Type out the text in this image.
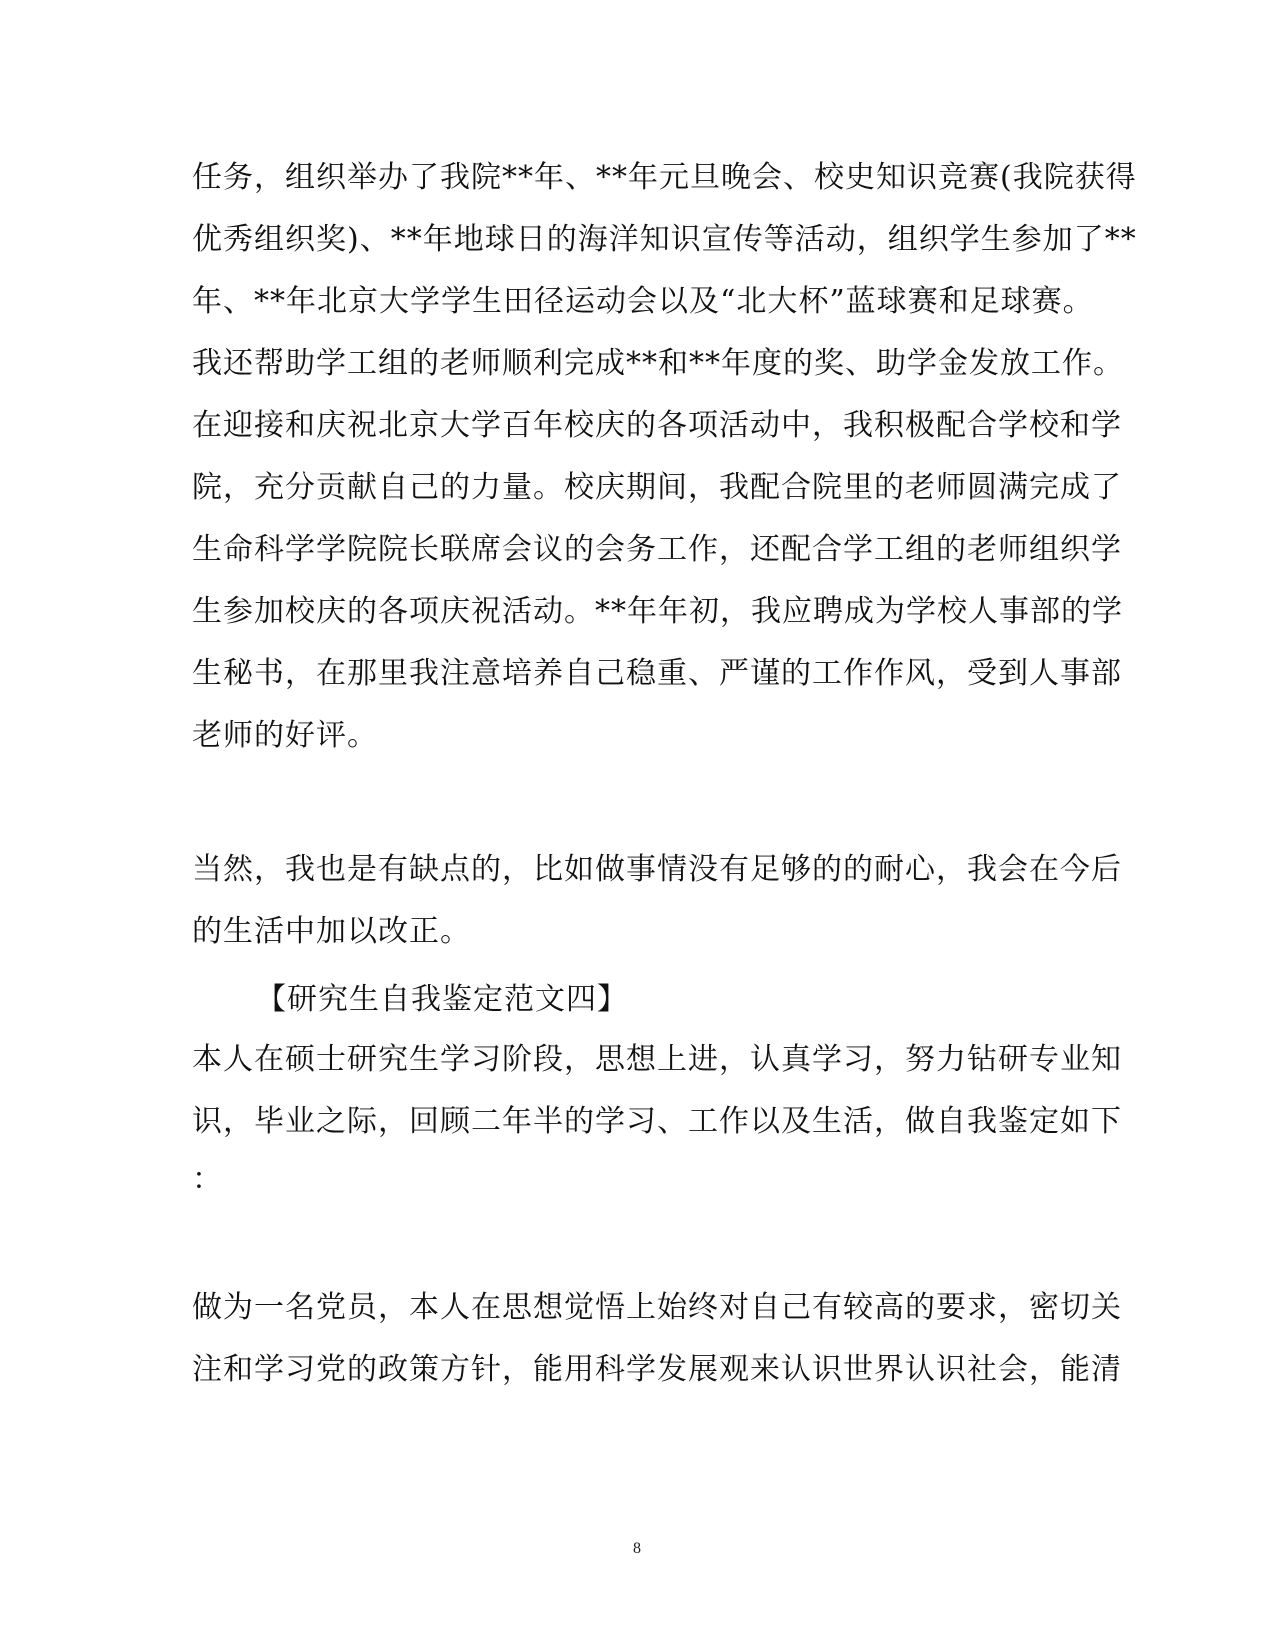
任务，组织举办了我院**年、**年元旦晚会、校史知识竞赛(我院获得
优秀组织奖)、**年地球日的海洋知识宣传等活动，组织学生参加了**
年、**年北京大学学生田径运动会以及“北大杯”蓝球赛和足球赛。
我还帮助学工组的老师顺利完成**和**年度的奖、助学金发放工作。
在迎接和庆祝北京大学百年校庆的各项活动中，我积极配合学校和学
院，充分贡献自己的力量。校庆期间，我配合院里的老师圆满完成了
生命科学学院院长联席会议的会务工作，还配合学工组的老师组织学
生参加校庆的各项庆祝活动。**年年初，我应聘成为学校人事部的学
生秘书，在那里我注意培养自己稳重、严谨的工作作风，受到人事部
老师的好评。
当然，我也是有缺点的，比如做事情没有足够的的耐心，我会在今后
的生活中加以改正。
【研究生自我鉴定范文四】
本人在硕士研究生学习阶段，思想上进，认真学习，努力钻研专业知
识，毕业之际，回顾二年半的学习、工作以及生活，做自我鉴定如下
：
做为一名党员，本人在思想觉悟上始终对自己有较高的要求，密切关
注和学习党的政策方针，能用科学发展观来认识世界认识社会，能清
8
